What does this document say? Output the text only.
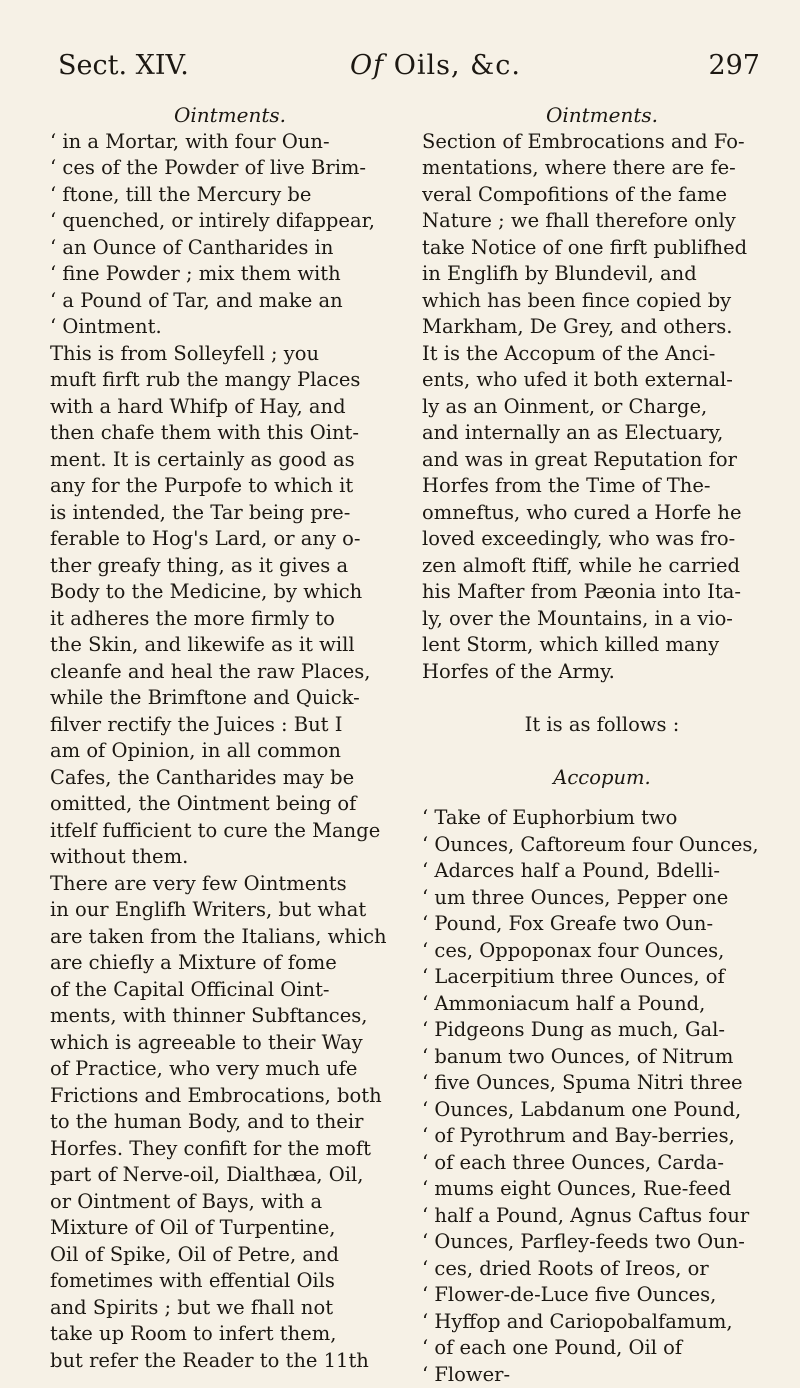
Sect. XIV.	Of Oils, &c.	297
Ointments.
‘ in a Mortar, with four Oun-
‘ ces of the Powder of live Brim-
‘ ftone, till the Mercury be
‘ quenched, or intirely difappear,
‘ an Ounce of Cantharides in
‘ fine Powder ; mix them with
‘ a Pound of Tar, and make an
‘ Ointment.
This is from Solleyfell ; you
muft firft rub the mangy Places
with a hard Whifp of Hay, and
then chafe them with this Oint-
ment. It is certainly as good as
any for the Purpofe to which it
is intended, the Tar being pre-
ferable to Hog's Lard, or any o-
ther greafy thing, as it gives a
Body to the Medicine, by which
it adheres the more firmly to
the Skin, and likewife as it will
cleanfe and heal the raw Places,
while the Brimftone and Quick-
filver rectify the Juices : But I
am of Opinion, in all common
Cafes, the Cantharides may be
omitted, the Ointment being of
itfelf fufficient to cure the Mange
without them.
There are very few Ointments
in our Englifh Writers, but what
are taken from the Italians, which
are chiefly a Mixture of fome
of the Capital Officinal Oint-
ments, with thinner Subftances,
which is agreeable to their Way
of Practice, who very much ufe
Frictions and Embrocations, both
to the human Body, and to their
Horfes. They confift for the moft
part of Nerve-oil, Dialthæa, Oil,
or Ointment of Bays, with a
Mixture of Oil of Turpentine,
Oil of Spike, Oil of Petre, and
fometimes with effential Oils
and Spirits ; but we fhall not
take up Room to infert them,
but refer the Reader to the 11th
Ointments.
Section of Embrocations and Fo-
mentations, where there are fe-
veral Compofitions of the fame
Nature ; we fhall therefore only
take Notice of one firft publifhed
in Englifh by Blundevil, and
which has been fince copied by
Markham, De Grey, and others.
It is the Accopum of the Anci-
ents, who ufed it both external-
ly as an Oinment, or Charge,
and internally an as Electuary,
and was in great Reputation for
Horfes from the Time of The-
omneftus, who cured a Horfe he
loved exceedingly, who was fro-
zen almoft ftiff, while he carried
his Mafter from Pæonia into Ita-
ly, over the Mountains, in a vio-
lent Storm, which killed many
Horfes of the Army.
It is as follows :
Accopum.
‘ Take of Euphorbium two
‘ Ounces, Caftoreum four Ounces,
‘ Adarces half a Pound, Bdelli-
‘ um three Ounces, Pepper one
‘ Pound, Fox Greafe two Oun-
‘ ces, Oppoponax four Ounces,
‘ Lacerpitium three Ounces, of
‘ Ammoniacum half a Pound,
‘ Pidgeons Dung as much, Gal-
‘ banum two Ounces, of Nitrum
‘ five Ounces, Spuma Nitri three
‘ Ounces, Labdanum one Pound,
‘ of Pyrothrum and Bay-berries,
‘ of each three Ounces, Carda-
‘ mums eight Ounces, Rue-feed
‘ half a Pound, Agnus Caftus four
‘ Ounces, Parfley-feeds two Oun-
‘ ces, dried Roots of Ireos, or
‘ Flower-de-Luce five Ounces,
‘ Hyffop and Cariopobalfamum,
‘ of each one Pound, Oil of
‘ Flower-
